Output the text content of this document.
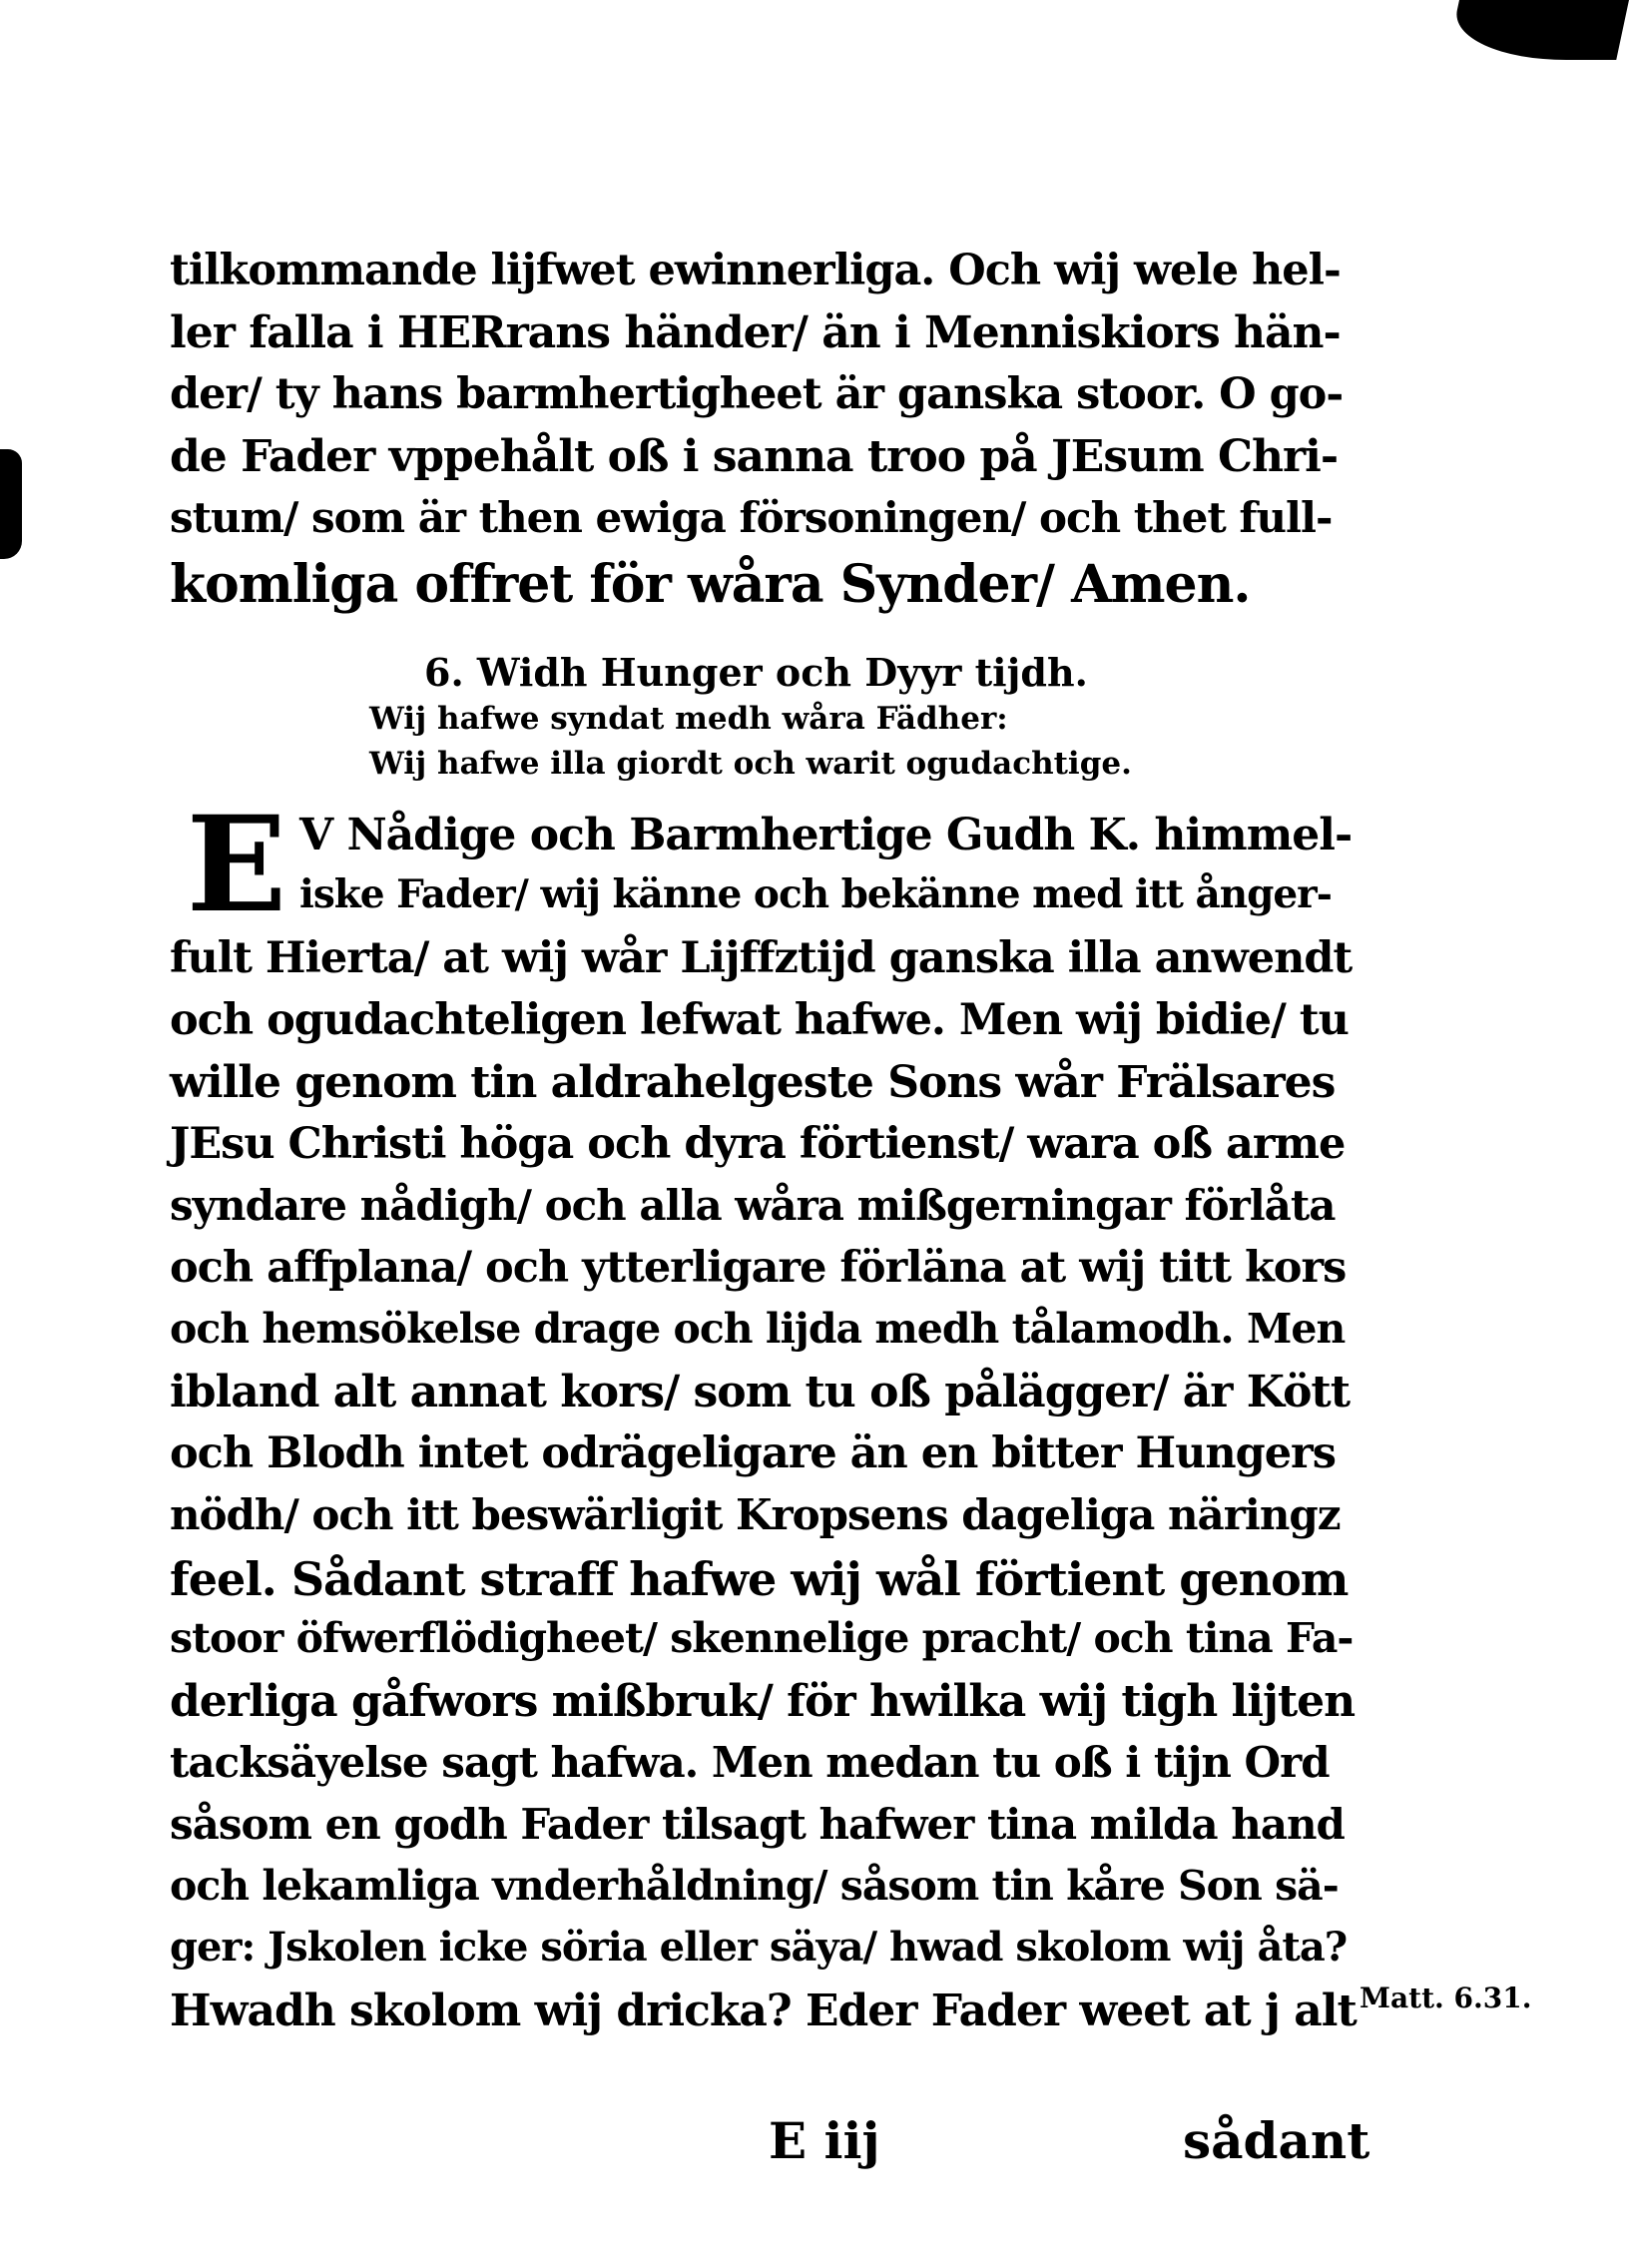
tilkommande lijfwet ewinnerliga. Och wij wele hel-
ler falla i HERrans händer/ än i Menniskiors hän-
der/ ty hans barmhertigheet är ganska stoor. O go-
de Fader vppehålt oß i sanna troo på JEsum Chri-
stum/ som är then ewiga försoningen/ och thet full-
komliga offret för wåra Synder/ Amen.
6. Widh Hunger och Dyyr tijdh.
Wij hafwe syndat medh wåra Fädher:
Wij hafwe illa giordt och warit ogudachtige.
E V Nådige och Barmhertige Gudh K. himmel-
iske Fader/ wij känne och bekänne med itt ånger-
fult Hierta/ at wij wår Lijffztijd ganska illa anwendt
och ogudachteligen lefwat hafwe. Men wij bidie/ tu
wille genom tin aldrahelgeste Sons wår Frälsares
JEsu Christi höga och dyra förtienst/ wara oß arme
syndare nådigh/ och alla wåra mißgerningar förlåta
och affplana/ och ytterligare förläna at wij titt kors
och hemsökelse drage och lijda medh tålamodh. Men
ibland alt annat kors/ som tu oß pålägger/ är Kött
och Blodh intet odrägeligare än en bitter Hungers
nödh/ och itt beswärligit Kropsens dageliga näringz
feel. Sådant straff hafwe wij wål förtient genom
stoor öfwerflödigheet/ skennelige pracht/ och tina Fa-
derliga gåfwors mißbruk/ för hwilka wij tigh lijten
tacksäyelse sagt hafwa. Men medan tu oß i tijn Ord
såsom en godh Fader tilsagt hafwer tina milda hand
och lekamliga vnderhåldning/ såsom tin kåre Son sä-
ger: Jskolen icke söria eller säya/ hwad skolom wij åta?
Hwadh skolom wij dricka? Eder Fader weet at j alt Matt. 6.31.
E iij	sådant
